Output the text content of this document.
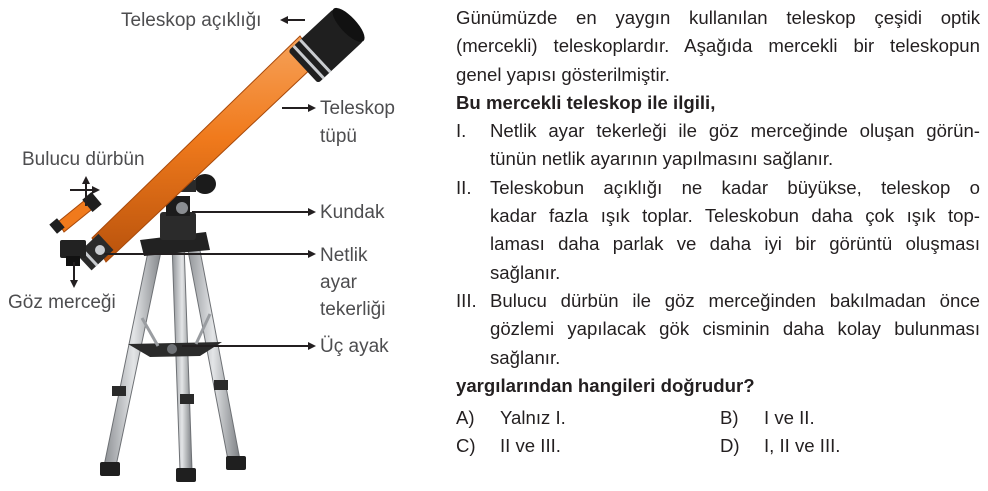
Teleskop açıklığı
Teleskop
tüpü
Bulucu dürbün
Kundak
Netlik
ayar
tekerliği
Göz merceği
Üç ayak

Günümüzde en yaygın kullanılan teleskop çeşidi optik

(mercekli) teleskoplardır. Aşağıda mercekli bir teleskopun

genel yapısı gösterilmiştir.

Bu mercekli teleskop ile ilgili,

I.	Netlik ayar tekerleği ile göz merceğinde oluşan görün-
tünün netlik ayarının yapılmasını sağlanır.
II. Teleskobun açıklığı ne kadar büyükse, teleskop o
kadar fazla ışık toplar. Teleskobun daha çok ışık top-
laması daha parlak ve daha iyi bir görüntü oluşması
sağlanır.
III. Bulucu dürbün ile göz merceğinden bakılmadan önce
gözlemi yapılacak gök cisminin daha kolay bulunması
sağlanır.

yargılarından hangileri doğrudur?

A)	Yalnız I.	B)	I ve II.
C)	II ve III.	D)	I, II ve III.
